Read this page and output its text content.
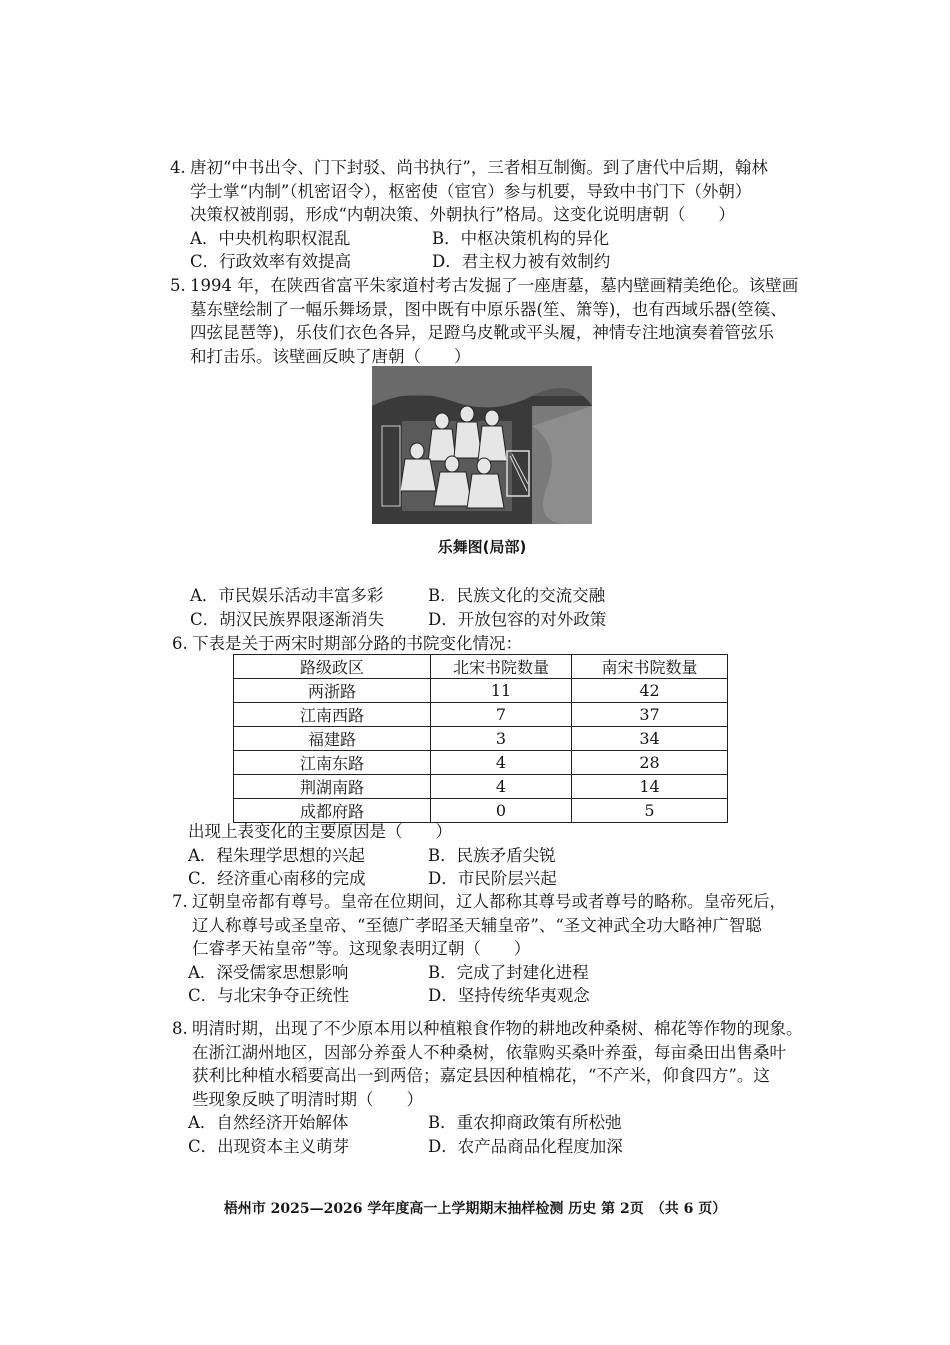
4. 唐初“中书出令、门下封驳、尚书执行”，三者相互制衡。到了唐代中后期，翰林

学士掌“内制”（机密诏令），枢密使（宦官）参与机要，导致中书门下（外朝）

决策权被削弱，形成“内朝决策、外朝执行”格局。这变化说明唐朝（　　）

A．中央机构职权混乱	B．中枢决策机构的异化
C．行政效率有效提高	D．君主权力被有效制约

5. 1994 年，在陕西省富平朱家道村考古发掘了一座唐墓，墓内壁画精美绝伦。该壁画

墓东壁绘制了一幅乐舞场景，图中既有中原乐器(笙、箫等)，也有西域乐器(箜篌、

四弦昆琶等)，乐伎们衣色各异，足蹬乌皮靴或平头履，神情专注地演奏着管弦乐

和打击乐。该壁画反映了唐朝（　　）

乐舞图(局部)
A．市民娱乐活动丰富多彩	B．民族文化的交流交融
C．胡汉民族界限逐渐消失	D．开放包容的对外政策

6. 下表是关于两宋时期部分路的书院变化情况：

路级政区	北宋书院数量	南宋书院数量
两浙路	11	42
江南西路	7	37
福建路	3	34
江南东路	4	28
荆湖南路	4	14
成都府路	0	5

出现上表变化的主要原因是（　　）

A．程朱理学思想的兴起	B．民族矛盾尖锐
C．经济重心南移的完成	D．市民阶层兴起

7. 辽朝皇帝都有尊号。皇帝在位期间，辽人都称其尊号或者尊号的略称。皇帝死后，

辽人称尊号或圣皇帝、“至德广孝昭圣天辅皇帝”、“圣文神武全功大略神广智聪

仁睿孝天祐皇帝”等。这现象表明辽朝（　　）

A．深受儒家思想影响	B．完成了封建化进程
C．与北宋争夺正统性	D．坚持传统华夷观念

8. 明清时期，出现了不少原本用以种植粮食作物的耕地改种桑树、棉花等作物的现象。

在浙江湖州地区，因部分养蚕人不种桑树，依靠购买桑叶养蚕，每亩桑田出售桑叶

获利比种植水稻要高出一到两倍；嘉定县因种植棉花，“不产米，仰食四方”。这

些现象反映了明清时期（　　）

A．自然经济开始解体	B．重农抑商政策有所松弛
C．出现资本主义萌芽	D．农产品商品化程度加深
梧州市 2025—2026 学年度高一上学期期末抽样检测 历史 第 2页　（共 6 页）
